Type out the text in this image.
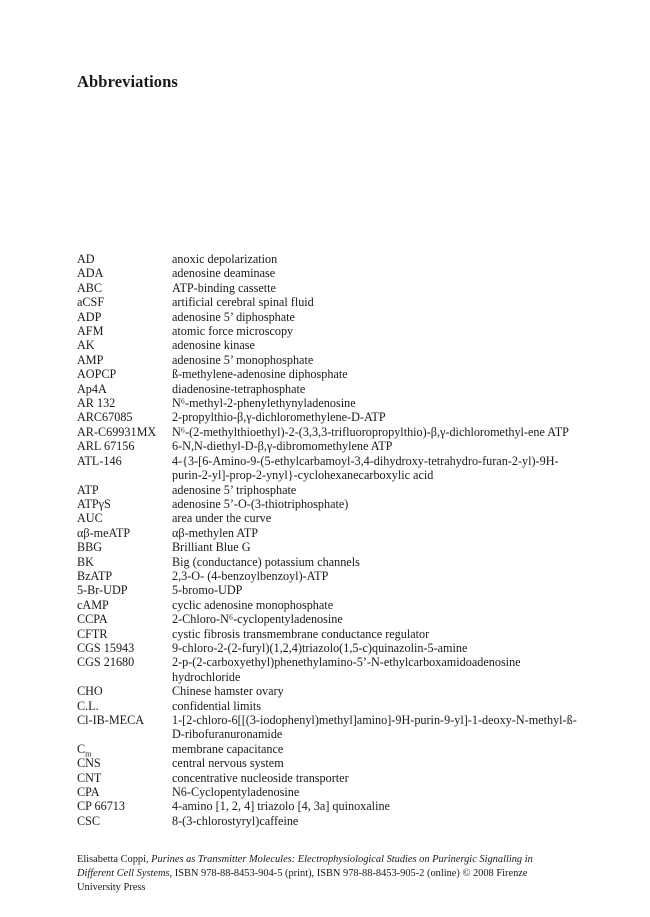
Abbreviations
AD	anoxic depolarization
ADA	adenosine deaminase
ABC	ATP-binding cassette
aCSF	artificial cerebral spinal fluid
ADP	adenosine 5’ diphosphate
AFM	atomic force microscopy
AK	adenosine kinase
AMP	adenosine 5’ monophosphate
AOPCP	ß-methylene-adenosine diphosphate
Ap4A	diadenosine-tetraphosphate
AR 132	N⁶-methyl-2-phenylethynyladenosine
ARC67085	2-propylthio-β,γ-dichloromethylene-D-ATP
AR-C69931MX	N⁶-(2-methylthioethyl)-2-(3,3,3-trifluoropropylthio)-β,γ-dichloromethyl-ene ATP
ARL 67156	6-N,N-diethyl-D-β,γ-dibromomethylene ATP
ATL-146	4-{3-[6-Amino-9-(5-ethylcarbamoyl-3,4-dihydroxy-tetrahydro-furan-2-yl)-9H-purin-2-yl]-prop-2-ynyl}-cyclohexanecarboxylic acid
ATP	adenosine 5’ triphosphate
ATPγS	adenosine 5’-O-(3-thiotriphosphate)
AUC	area under the curve
αβ-meATP	αβ-methylen ATP
BBG	Brilliant Blue G
BK	Big (conductance) potassium channels
BzATP	2,3-O- (4-benzoylbenzoyl)-ATP
5-Br-UDP	5-bromo-UDP
cAMP	cyclic adenosine monophosphate
CCPA	2-Chloro-N⁶-cyclopentyladenosine
CFTR	cystic fibrosis transmembrane conductance regulator
CGS 15943	9-chloro-2-(2-furyl)(1,2,4)triazolo(1,5-c)quinazolin-5-amine
CGS 21680	2-p-(2-carboxyethyl)phenethylamino-5’-N-ethylcarboxamidoadenosine hydrochloride
CHO	Chinese hamster ovary
C.L.	confidential limits
Cl-IB-MECA	1-[2-chloro-6[[(3-iodophenyl)methyl]amino]-9H-purin-9-yl]-1-deoxy-N-methyl-ß-D-ribofuranuronamide
$C_m$	membrane capacitance
CNS	central nervous system
CNT	concentrative nucleoside transporter
CPA	N6-Cyclopentyladenosine
CP 66713	4-amino [1, 2, 4] triazolo [4, 3a] quinoxaline
CSC	8-(3-chlorostyryl)caffeine

Elisabetta Coppi, Purines as Transmitter Molecules: Electrophysiological Studies on Purinergic Signalling in Different Cell Systems, ISBN 978-88-8453-904-5 (print), ISBN 978-88-8453-905-2 (online) © 2008 Firenze University Press
